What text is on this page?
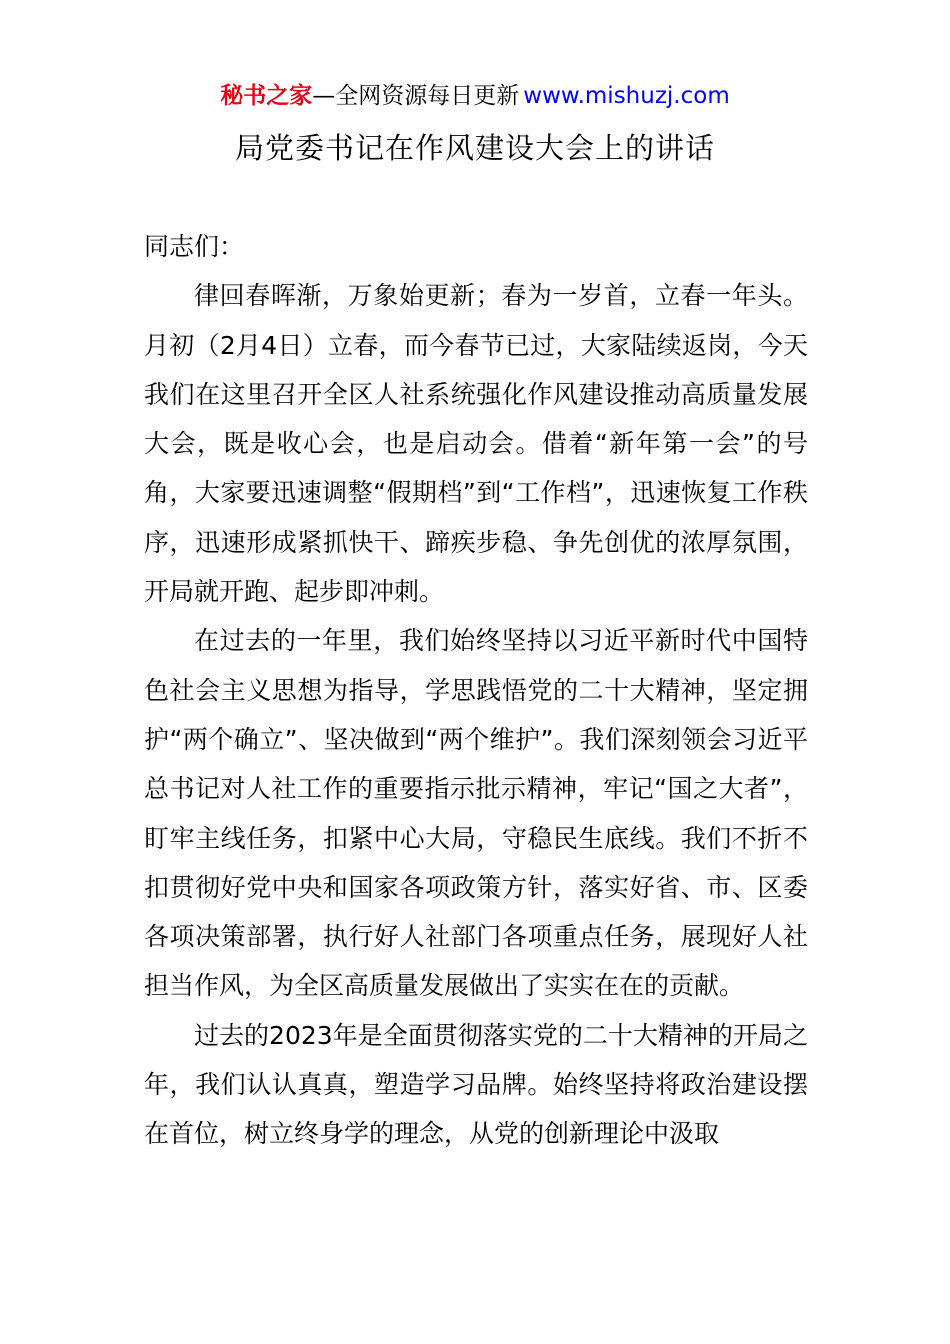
秘书之家—全网资源每日更新 www.mishuzj.com
局党委书记在作风建设大会上的讲话

同志们：

律回春晖渐，万象始更新；春为一岁首，立春一年头。月初（2月4日）立春，而今春节已过，大家陆续返岗，今天我们在这里召开全区人社系统强化作风建设推动高质量发展大会，既是收心会，也是启动会。借着“新年第一会”的号角，大家要迅速调整“假期档”到“工作档”，迅速恢复工作秩序，迅速形成紧抓快干、蹄疾步稳、争先创优的浓厚氛围，开局就开跑、起步即冲刺。

在过去的一年里，我们始终坚持以习近平新时代中国特色社会主义思想为指导，学思践悟党的二十大精神，坚定拥护“两个确立”、坚决做到“两个维护”。我们深刻领会习近平总书记对人社工作的重要指示批示精神，牢记“国之大者”，盯牢主线任务，扣紧中心大局，守稳民生底线。我们不折不扣贯彻好党中央和国家各项政策方针，落实好省、市、区委各项决策部署，执行好人社部门各项重点任务，展现好人社担当作风，为全区高质量发展做出了实实在在的贡献。

过去的2023年是全面贯彻落实党的二十大精神的开局之年，我们认认真真，塑造学习品牌。始终坚持将政治建设摆在首位，树立终身学的理念，从党的创新理论中汲取
